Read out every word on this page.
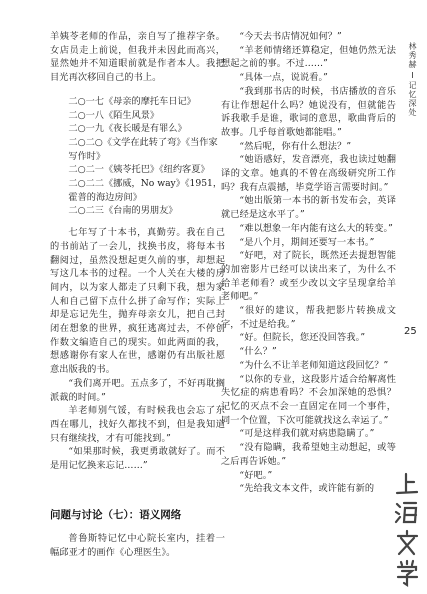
羊姨苓老师的作品，亲自写了推荐字条。女店员走上前说，但我并未因此而高兴，显然她并不知道眼前就是作者本人。我把目光再次移回自己的书上。

二○一七《母亲的摩托车日记》
二○一八《陌生风景》
二○一九《夜长暖是有罪么》
二○二○《文学在此转了弯》《当作家写作时》
二○二一《姨苓托巴》《纽约客夏》
二○二二《挪威，No way》《1951，霍普的海边房间》
二○二三《台南的男朋友》

七年写了十本书，真勤劳。我在自己的书前站了一会儿，找换书皮，将每本书翻阅过，虽然没想起更久前的事，却想起写这几本书的过程。一个人关在大楼的房间内，以为家人都走了只剩下我，想为家人和自己留下点什么拼了命写作；实际上却是忘记先生，抛弃母亲女儿，把自己封闭在想象的世界，疯狂逃离过去，不停创作数文编造自己的现实。如此两面的我，想感谢你有家人在世，感谢仍有出版社愿意出版我的书。

“我们离开吧。五点多了，不好再耽搁派裁的时间。”

羊老师别气馁，有时候我也会忘了东西在哪儿，找好久都找不到，但是我知道只有继续找，才有可能找到。”

“如果那时候，我更勇敢就好了。而不是用记忆换来忘记……”

问题与讨论（七）：语义网络

普鲁斯特记忆中心院长室内，挂着一幅邱亚才的画作《心理医生》。

“今天去书店情况如何？”

“羊老师情绪还算稳定，但她仍然无法想起之前的事。不过……”

“具体一点，说说看。”

“我到那书店的时候，书店播放的音乐有让作想起什么吗？她说没有，但就能告诉我歌手是谁，歌词的意思，歌曲背后的故事。几乎每首歌她都能唱。”

“然后呢，你有什么想法？”

“她语感好，发音漂亮，我也读过她翻译的文章。她真的不曾在高级研究所工作吗？我有点震撼，毕竟学语言需要时间。”

“她出版第一本书的新书发布会，英译就已经是这水平了。”

“难以想象一年内能有这么大的转变。”

“是八个月，期间还要写一本书。”

“好吧，对了院长，既然还去提想智能的加密影片已经可以读出来了，为什么不给羊老师看？或至少改以文字呈现拿给羊老师吧。”

“很好的建议，帮我把影片转换成文字，不过是给我。”

“好。但院长，您还没回答我。”

“什么？”

“为什么不让羊老师知道这段回忆？”

“以你的专业，这段影片适合给解离性失忆症的病患看吗？不会加深她的恐惧？记忆的灭点不会一直固定在同一个事件，同一个位置，下次可能就找这么幸运了。”

“可是这样我们就对病患隐瞒了。”

“没有隐瞒，我希望她主动想起，或等之后再告诉她。”

“好吧。”

“先给我文本文件，或许能有新的

林秀赫记忆深处
25
